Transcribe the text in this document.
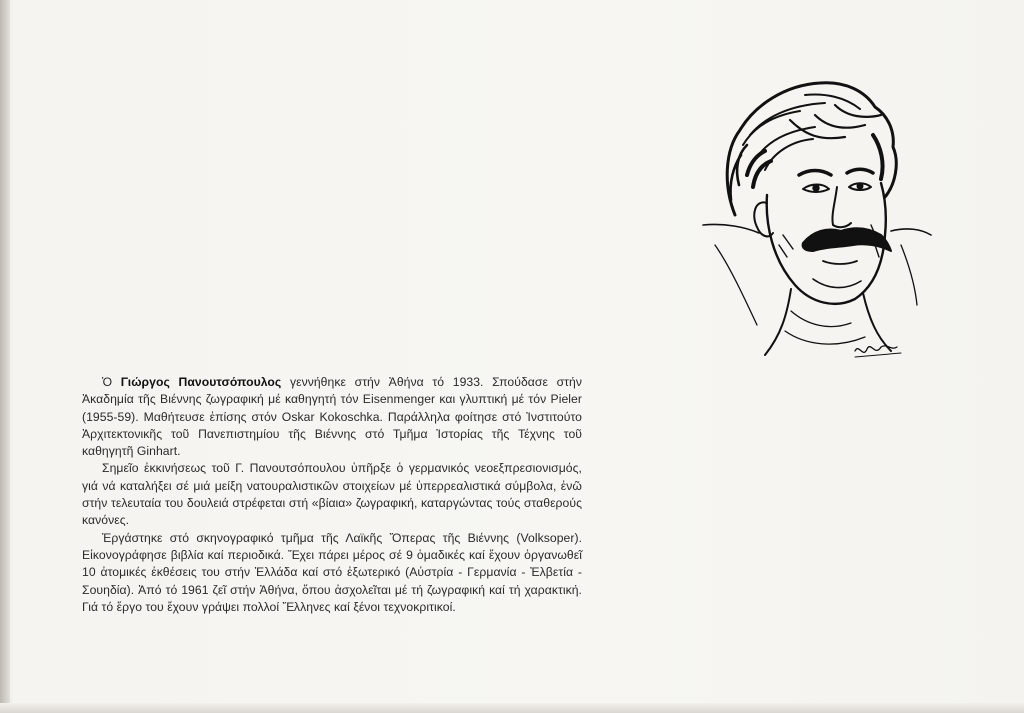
Ὁ Γιώργος Πανουτσόπουλος γεννήθηκε στήν Ἀθήνα τό 1933. Σπούδασε στήν Ἀκαδημία τῆς Βιέννης ζωγραφική μέ καθηγητή τόν Eisenmenger και γλυπτική μέ τόν Pieler (1955-59). Μαθήτευσε ἐπίσης στόν Oskar Kokoschka. Παράλληλα φοίτησε στό Ἰνστιτούτο Ἀρχιτεκτονικῆς τοῦ Πανεπιστημίου τῆς Βιέννης στό Τμῆμα Ἱστορίας τῆς Τέχνης τοῦ καθηγητῆ Ginhart.

Σημεῖο ἐκκινήσεως τοῦ Γ. Πανουτσόπουλου ὑπῆρξε ὁ γερμανικός νεοεξπρεσιονισμός, γιά νά καταλήξει σέ μιά μείξη νατουραλιστικῶν στοιχείων μέ ὑπερρεαλιστικά σύμβολα, ἐνῶ στήν τελευταία του δουλειά στρέφεται στή «βίαια» ζωγραφική, καταργώντας τούς σταθερούς κανόνες.

Ἐργάστηκε στό σκηνογραφικό τμῆμα τῆς Λαϊκῆς Ὄπερας τῆς Βιέννης (Volksoper). Εἰκονογράφησε βιβλία καί περιοδικά. Ἔχει πάρει μέρος σέ 9 ὁμαδικές καί ἔχουν ὀργανωθεῖ 10 ἀτομικές ἐκθέσεις του στήν Ἑλλάδα καί στό ἐξωτερικό (Αὐστρία - Γερμανία - Ἐλβετία - Σουηδία). Ἀπό τό 1961 ζεῖ στήν Ἀθήνα, ὅπου ἀσχολεῖται μέ τή ζωγραφική καί τή χαρακτική. Γιά τό ἔργο του ἔχουν γράψει πολλοί Ἕλληνες καί ξένοι τεχνοκριτικοί.
